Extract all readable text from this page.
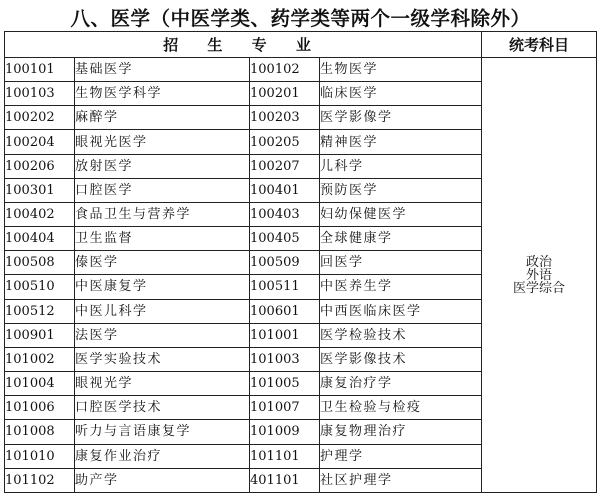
八、医学（中医学类、药学类等两个一级学科除外）
招 生 专 业				统考科目
100101	基础医学	100102	生物医学	政治
外语
医学综合

100103	生物医学科学	100201	临床医学	
100202	麻醉学	100203	医学影像学	
100204	眼视光医学	100205	精神医学	
100206	放射医学	100207	儿科学	
100301	口腔医学	100401	预防医学	
100402	食品卫生与营养学	100403	妇幼保健医学	
100404	卫生监督	100405	全球健康学	
100508	傣医学	100509	回医学	
100510	中医康复学	100511	中医养生学	
100512	中医儿科学	100601	中西医临床医学	
100901	法医学	101001	医学检验技术	
101002	医学实验技术	101003	医学影像技术	
101004	眼视光学	101005	康复治疗学	
101006	口腔医学技术	101007	卫生检验与检疫	
101008	听力与言语康复学	101009	康复物理治疗	
101010	康复作业治疗	101101	护理学	
101102	助产学	401101	社区护理学	
